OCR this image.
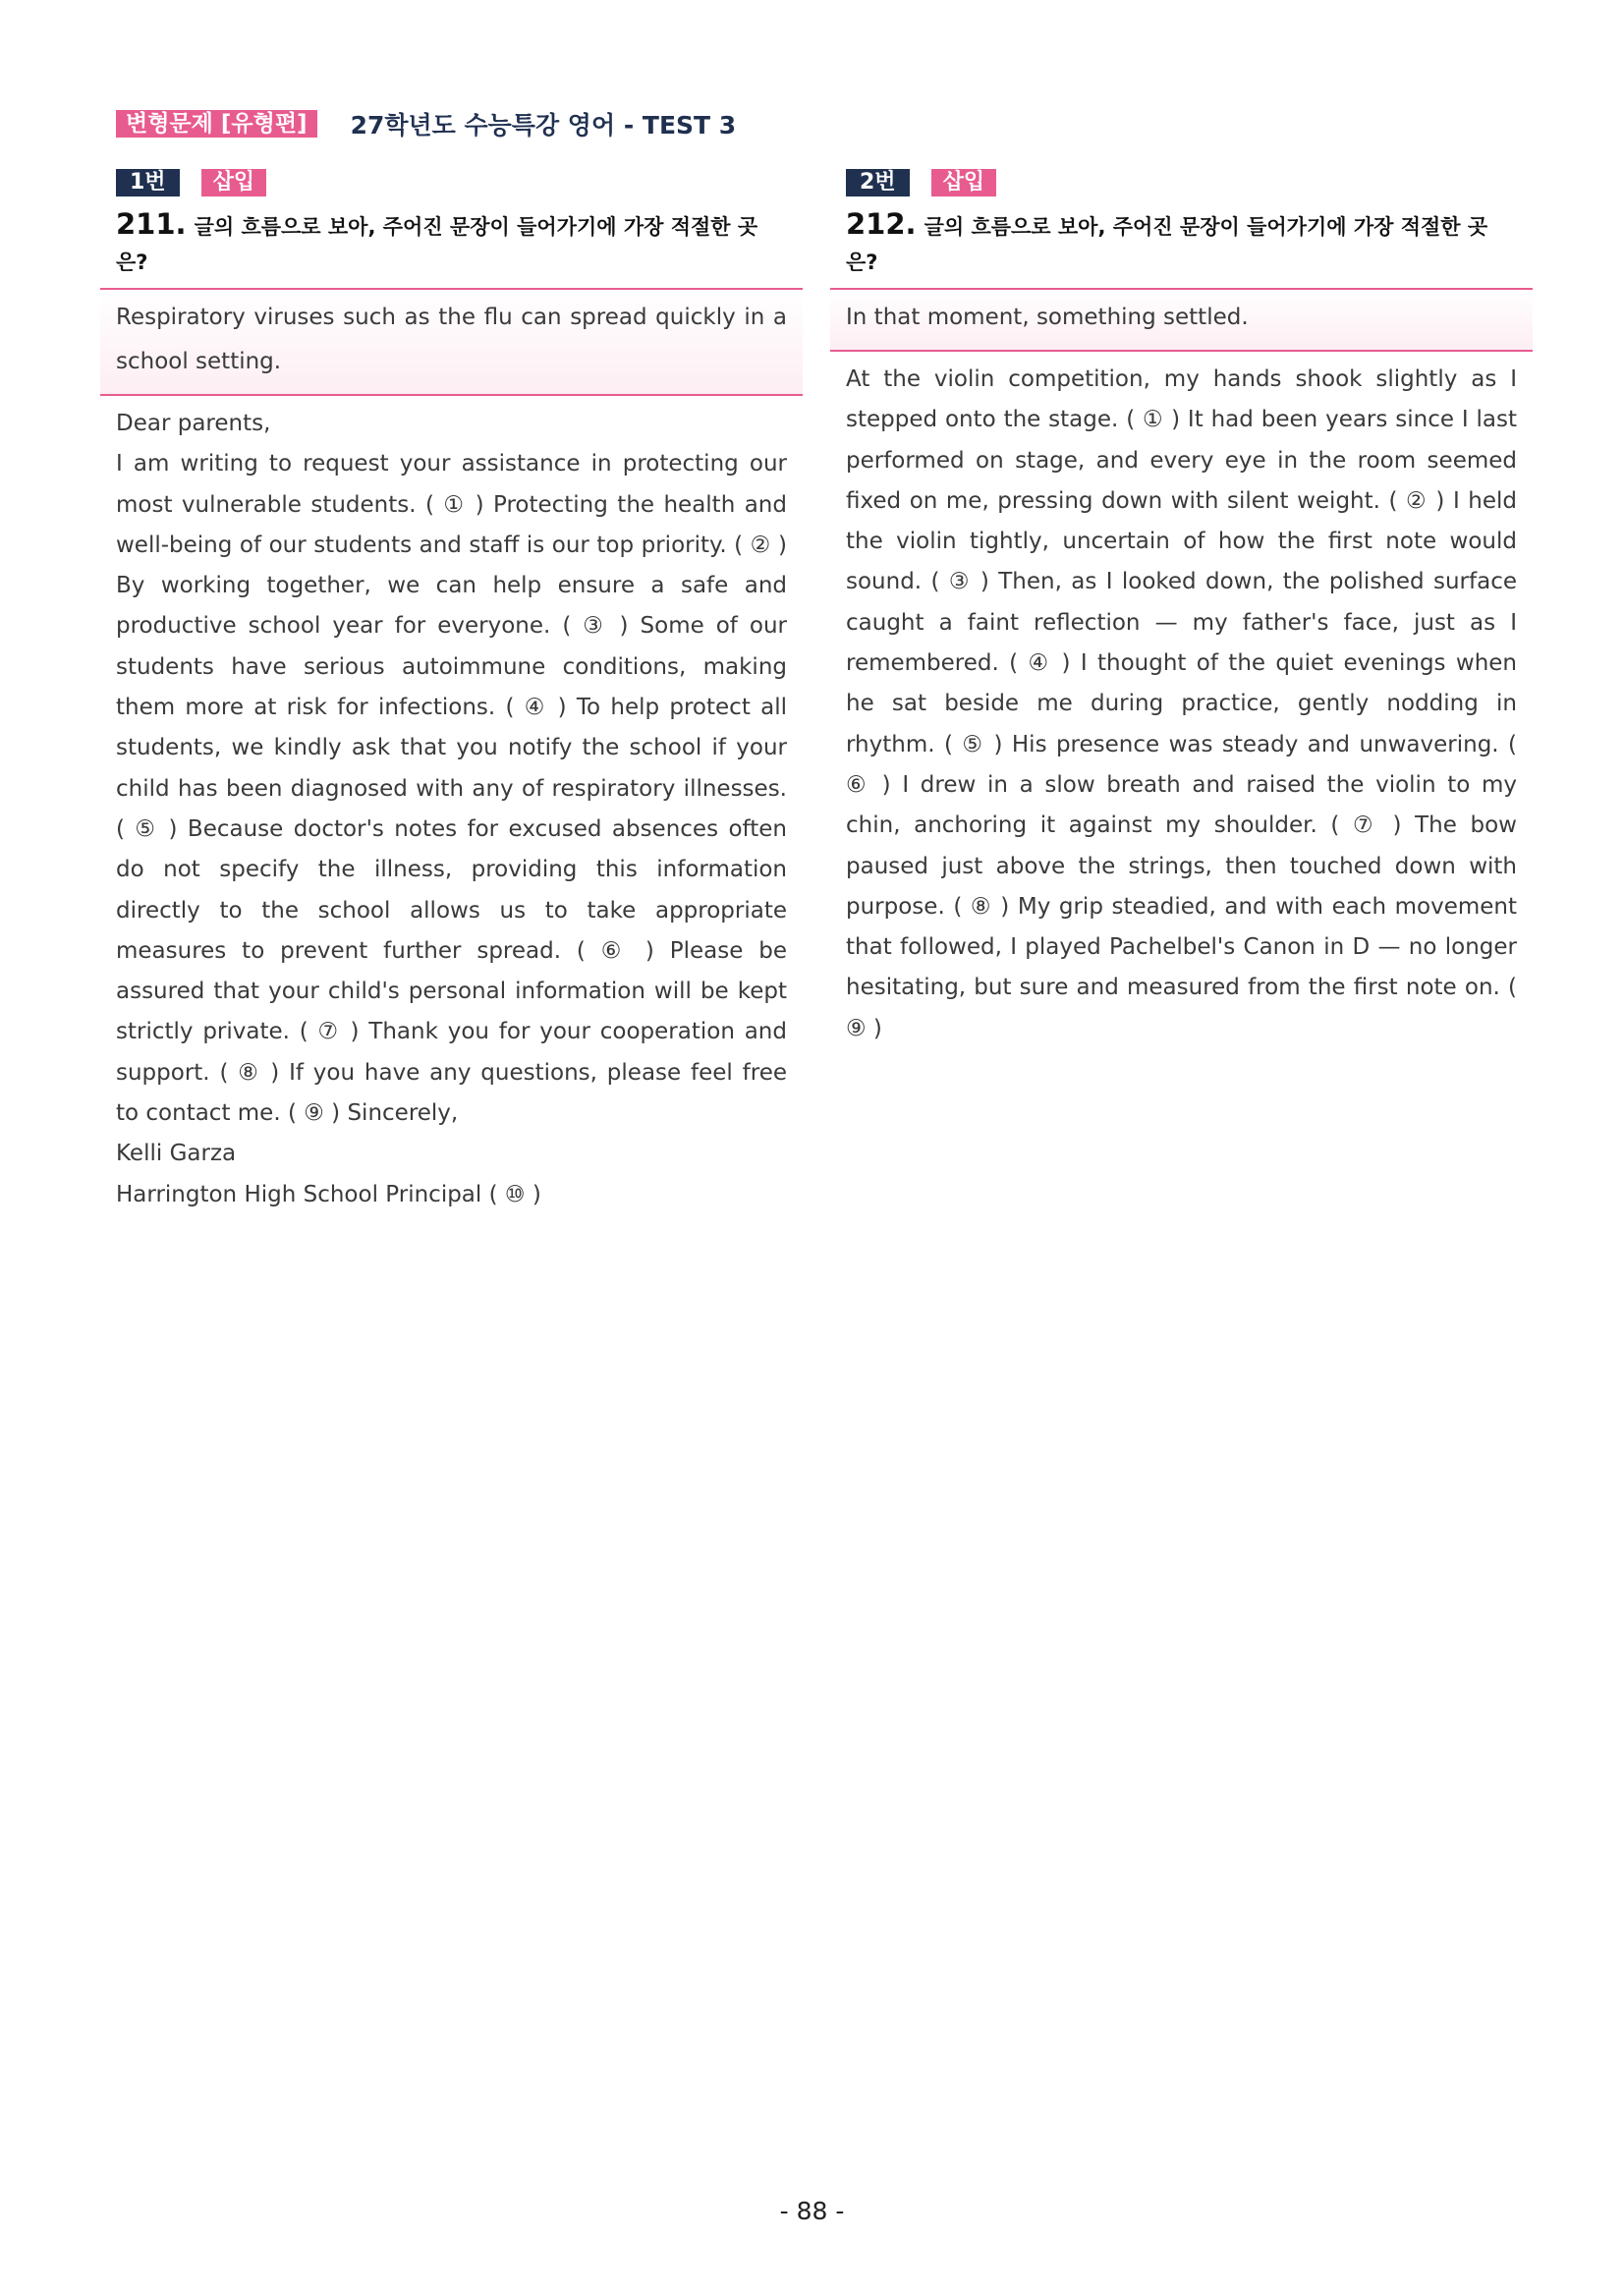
변형문제 [유형편]	27학년도 수능특강 영어 - TEST 3
1번	삽입
211. 글의 흐름으로 보아, 주어진 문장이 들어가기에 가장 적절한 곳은?
Respiratory viruses such as the flu can spread quickly in a school setting.

Dear parents,

I am writing to request your assistance in protecting our most vulnerable students. ( ① ) Protecting the health and well-being of our students and staff is our top priority. ( ② ) By working together, we can help ensure a safe and productive school year for everyone. ( ③ ) Some of our students have serious autoimmune conditions, making them more at risk for infections. ( ④ ) To help protect all students, we kindly ask that you notify the school if your child has been diagnosed with any of respiratory illnesses. ( ⑤ ) Because doctor's notes for excused absences often do not specify the illness, providing this information directly to the school allows us to take appropriate measures to prevent further spread. ( ⑥ ) Please be assured that your child's personal information will be kept strictly private. ( ⑦ ) Thank you for your cooperation and support. ( ⑧ ) If you have any questions, please feel free to contact me. ( ⑨ ) Sincerely,

Kelli Garza

Harrington High School Principal ( ⑩ )

2번	삽입
212. 글의 흐름으로 보아, 주어진 문장이 들어가기에 가장 적절한 곳은?
In that moment, something settled.

At the violin competition, my hands shook slightly as I stepped onto the stage. ( ① ) It had been years since I last performed on stage, and every eye in the room seemed fixed on me, pressing down with silent weight. ( ② ) I held the violin tightly, uncertain of how the first note would sound. ( ③ ) Then, as I looked down, the polished surface caught a faint reflection — my father's face, just as I remembered. ( ④ ) I thought of the quiet evenings when he sat beside me during practice, gently nodding in rhythm. ( ⑤ ) His presence was steady and unwavering. ( ⑥ ) I drew in a slow breath and raised the violin to my chin, anchoring it against my shoulder. ( ⑦ ) The bow paused just above the strings, then touched down with purpose. ( ⑧ ) My grip steadied, and with each movement that followed, I played Pachelbel's Canon in D — no longer hesitating, but sure and measured from the first note on. ( ⑨ )

- 88 -
